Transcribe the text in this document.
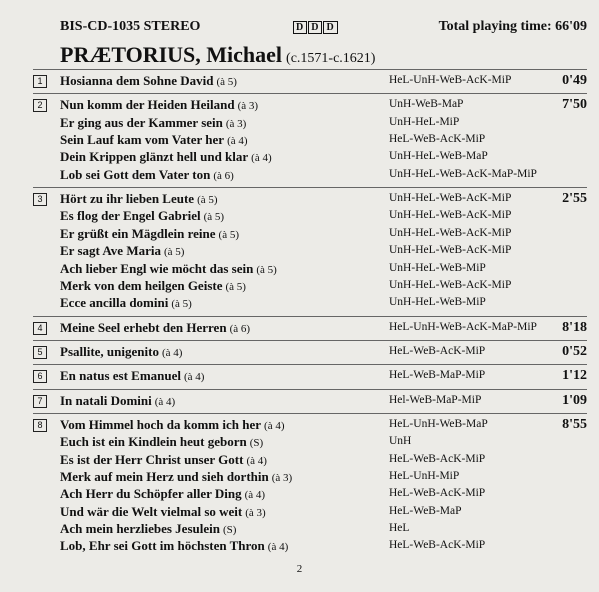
BIS-CD-1035 STEREO	D D D	Total playing time: 66'09
PRÆTORIUS, Michael (c.1571-c.1621)
1	Hosianna dem Sohne David (à 5)	HeL-UnH-WeB-AcK-MiP	0'49
2	Nun komm der Heiden Heiland (à 3)	UnH-WeB-MaP	7'50
Er ging aus der Kammer sein (à 3)	UnH-HeL-MiP
Sein Lauf kam vom Vater her (à 4)	HeL-WeB-AcK-MiP
Dein Krippen glänzt hell und klar (à 4)	UnH-HeL-WeB-MaP
Lob sei Gott dem Vater ton (à 6)	UnH-HeL-WeB-AcK-MaP-MiP
3	Hört zu ihr lieben Leute (à 5)	UnH-HeL-WeB-AcK-MiP	2'55
Es flog der Engel Gabriel (à 5)	UnH-HeL-WeB-AcK-MiP
Er grüßt ein Mägdlein reine (à 5)	UnH-HeL-WeB-AcK-MiP
Er sagt Ave Maria (à 5)	UnH-HeL-WeB-AcK-MiP
Ach lieber Engl wie möcht das sein (à 5)	UnH-HeL-WeB-MiP
Merk von dem heilgen Geiste (à 5)	UnH-HeL-WeB-AcK-MiP
Ecce ancilla domini (à 5)	UnH-HeL-WeB-MiP
4	Meine Seel erhebt den Herren (à 6)	HeL-UnH-WeB-AcK-MaP-MiP 8'18
5	Psallite, unigenito (à 4)	HeL-WeB-AcK-MiP	0'52
6	En natus est Emanuel (à 4)	HeL-WeB-MaP-MiP	1'12
7	In natali Domini (à 4)	Hel-WeB-MaP-MiP	1'09
8	Vom Himmel hoch da komm ich her (à 4)	HeL-UnH-WeB-MaP	8'55
Euch ist ein Kindlein heut geborn (S)	UnH
Es ist der Herr Christ unser Gott (à 4)	HeL-WeB-AcK-MiP
Merk auf mein Herz und sieh dorthin (à 3)	HeL-UnH-MiP
Ach Herr du Schöpfer aller Ding (à 4)	HeL-WeB-AcK-MiP
Und wär die Welt vielmal so weit (à 3)	HeL-WeB-MaP
Ach mein herzliebes Jesulein (S)	HeL
Lob, Ehr sei Gott im höchsten Thron (à 4)	HeL-WeB-AcK-MiP
2
